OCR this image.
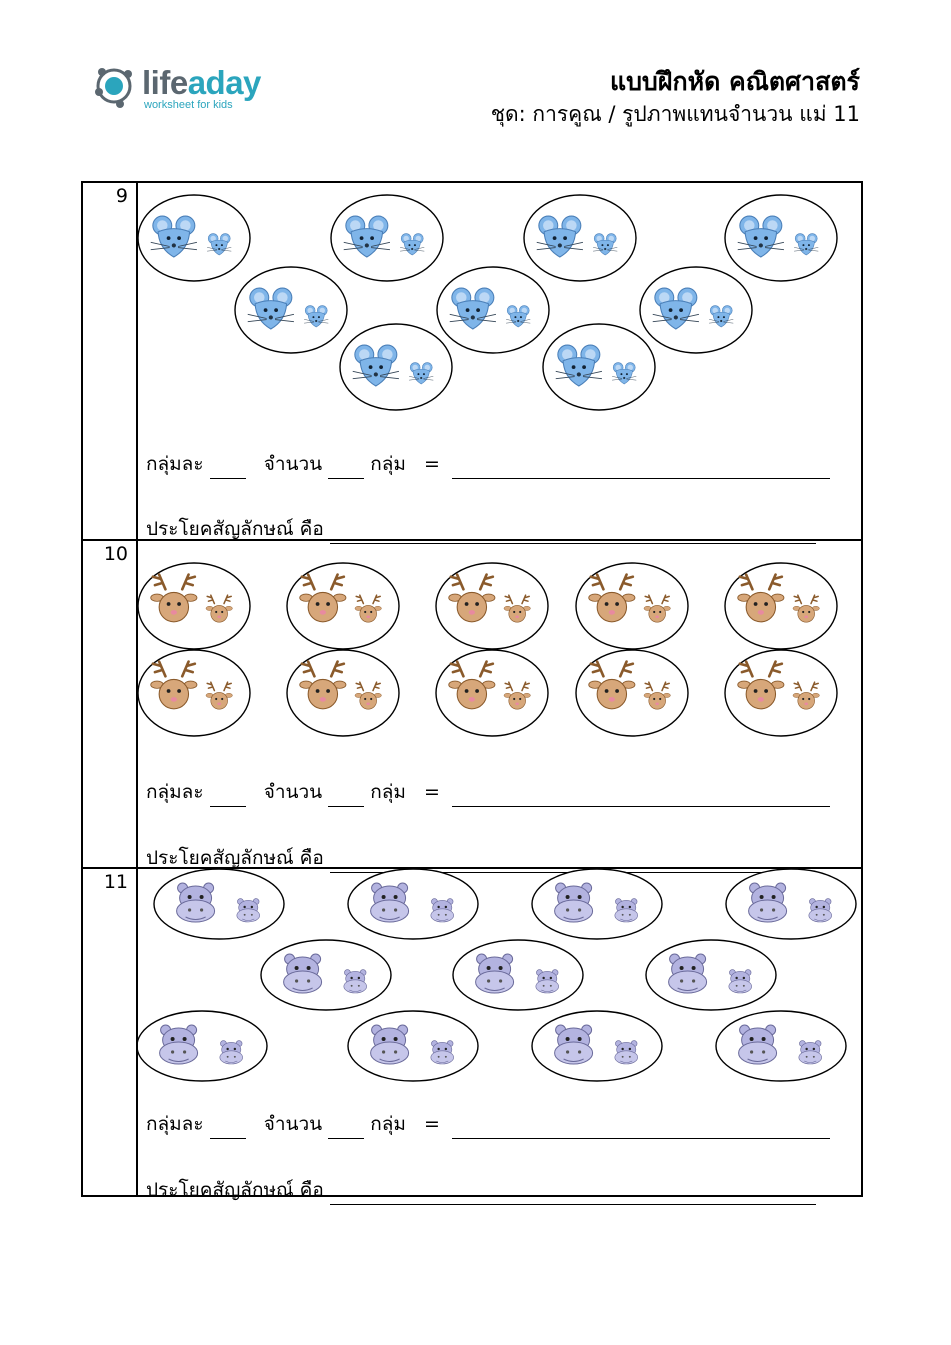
lifeaday
worksheet for kids
แบบฝึกหัด คณิตศาสตร์
ชุด: การคูณ / รูปภาพแทนจำนวน แม่ 11
9
กลุ่มละ	จำนวน	กลุ่ม =
ประโยคสัญลักษณ์ คือ
10
กลุ่มละ	จำนวน	กลุ่ม =
ประโยคสัญลักษณ์ คือ
11
กลุ่มละ	จำนวน	กลุ่ม =
ประโยคสัญลักษณ์ คือ
